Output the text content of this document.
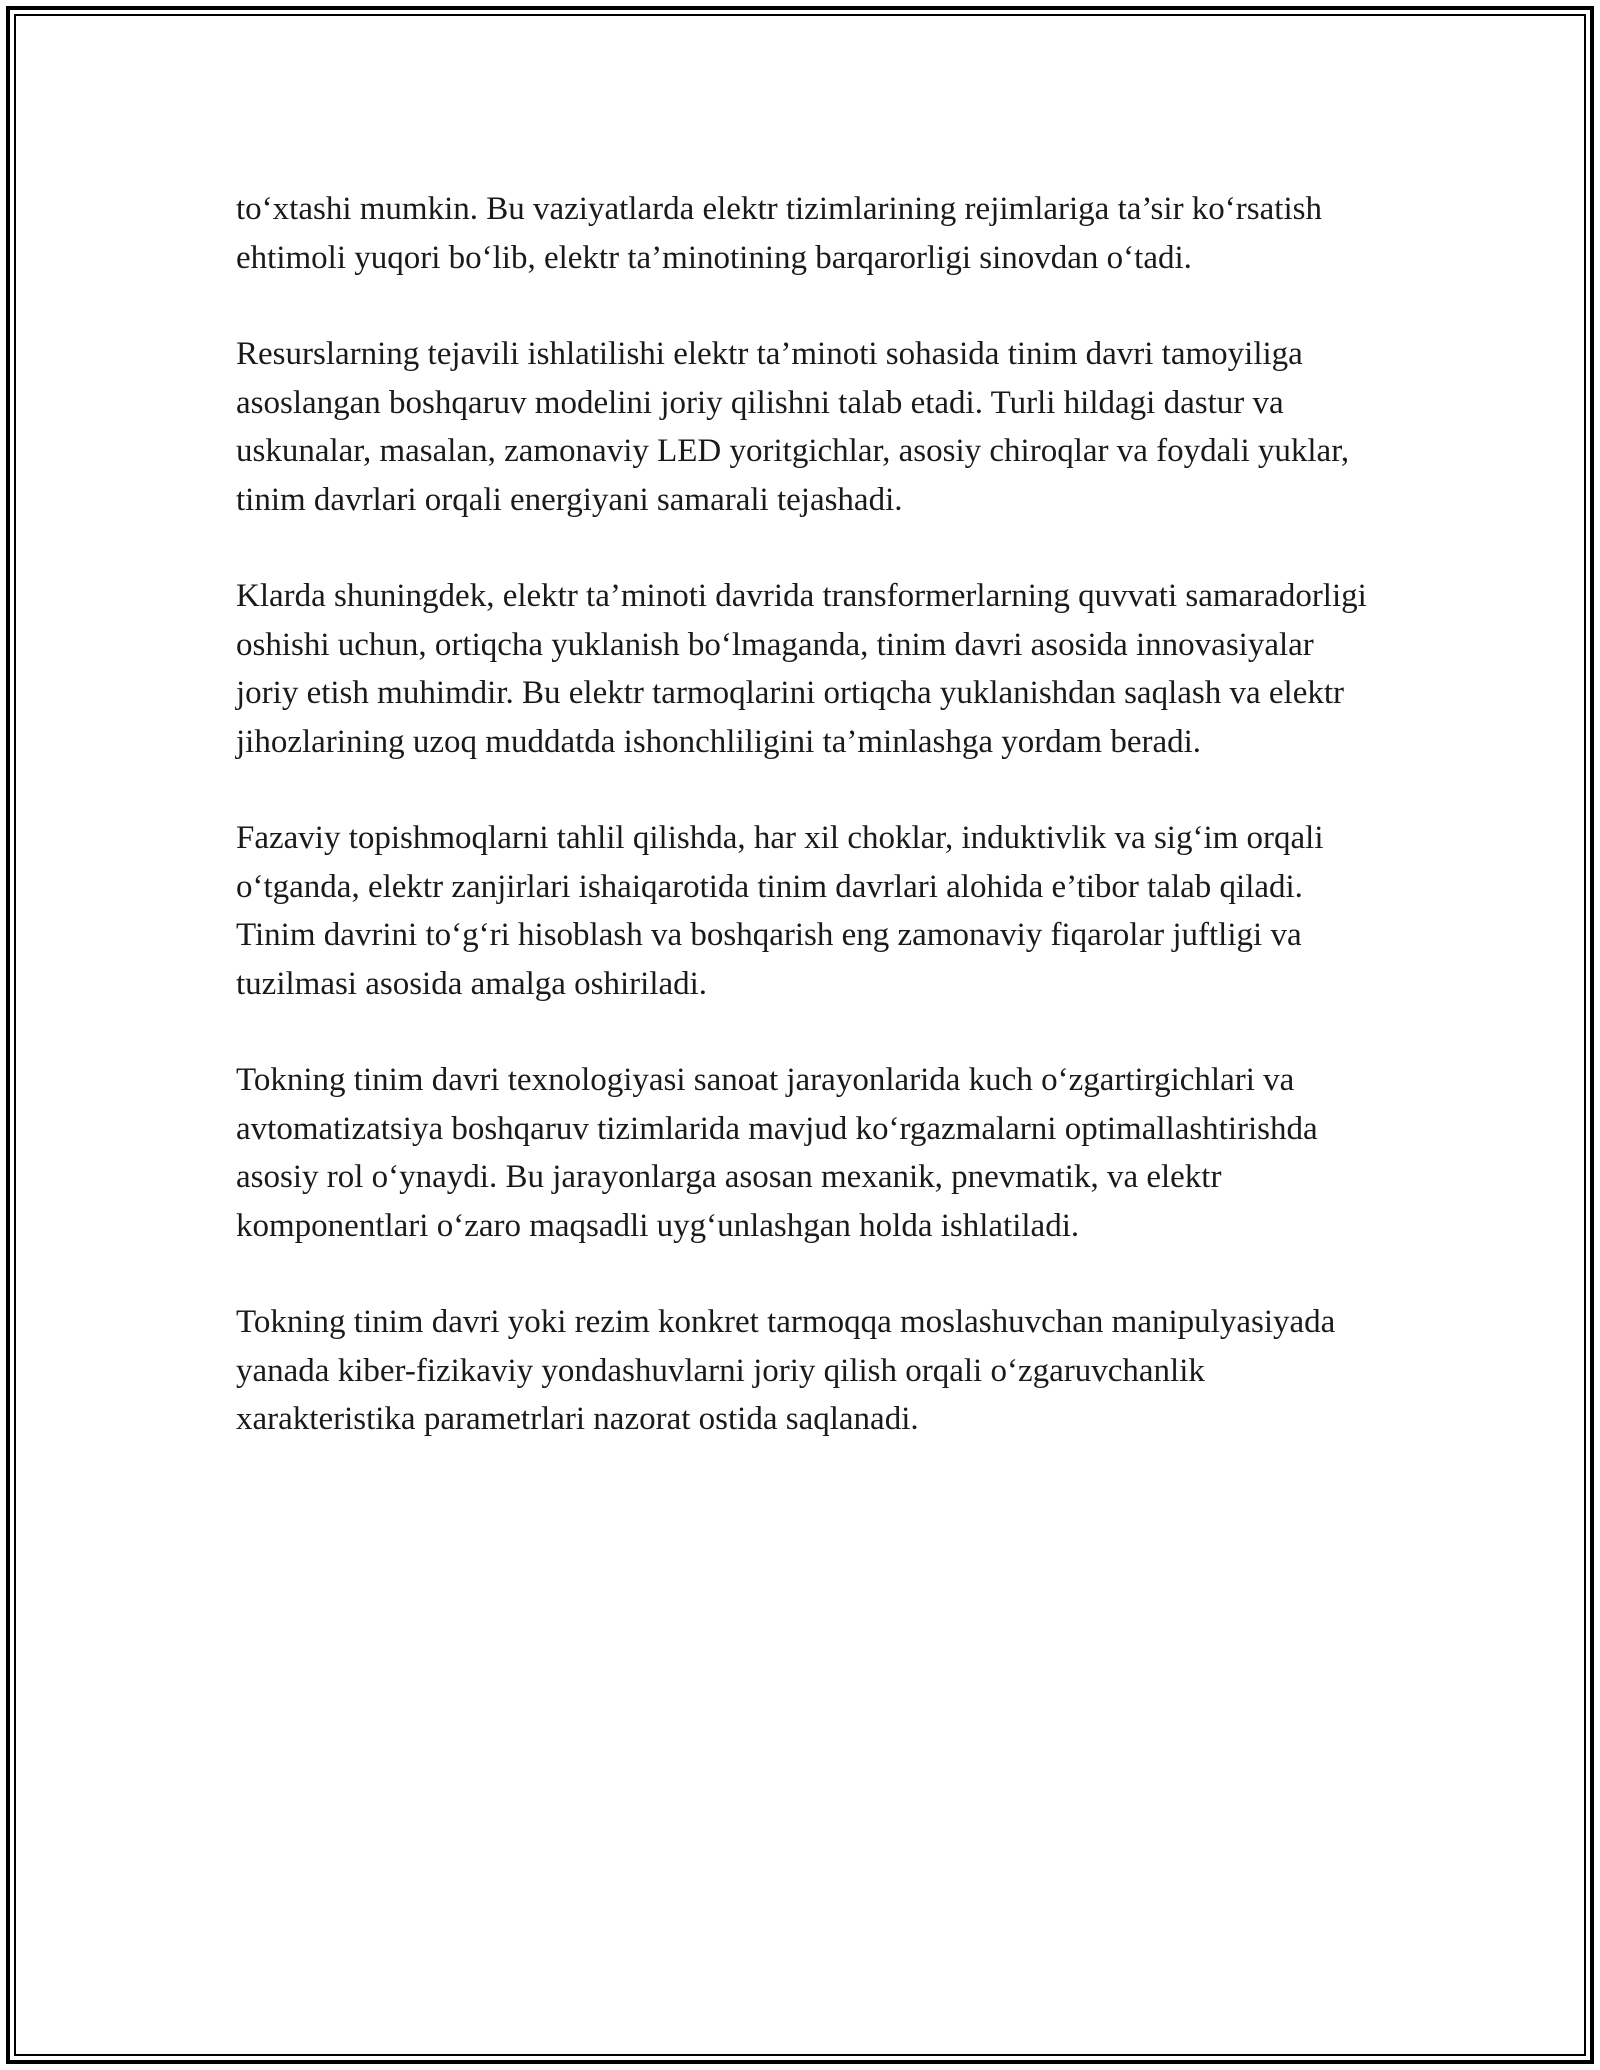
to‘xtashi mumkin. Bu vaziyatlarda elektr tizimlarining rejimlariga ta’sir ko‘rsatish ehtimoli yuqori bo‘lib, elektr ta’minotining barqarorligi sinovdan o‘tadi.

Resurslarning tejavili ishlatilishi elektr ta’minoti sohasida tinim davri tamoyiliga asoslangan boshqaruv modelini joriy qilishni talab etadi. Turli hildagi dastur va uskunalar, masalan, zamonaviy LED yoritgichlar, asosiy chiroqlar va foydali yuklar, tinim davrlari orqali energiyani samarali tejashadi.

Klarda shuningdek, elektr ta’minoti davrida transformerlarning quvvati samaradorligi oshishi uchun, ortiqcha yuklanish bo‘lmaganda, tinim davri asosida innovasiyalar joriy etish muhimdir. Bu elektr tarmoqlarini ortiqcha yuklanishdan saqlash va elektr jihozlarining uzoq muddatda ishonchliligini ta’minlashga yordam beradi.

Fazaviy topishmoqlarni tahlil qilishda, har xil choklar, induktivlik va sig‘im orqali o‘tganda, elektr zanjirlari ishaiqarotida tinim davrlari alohida e’tibor talab qiladi. Tinim davrini to‘g‘ri hisoblash va boshqarish eng zamonaviy fiqarolar juftligi va tuzilmasi asosida amalga oshiriladi.

Tokning tinim davri texnologiyasi sanoat jarayonlarida kuch o‘zgartirgichlari va avtomatizatsiya boshqaruv tizimlarida mavjud ko‘rgazmalarni optimallashtirishda asosiy rol o‘ynaydi. Bu jarayonlarga asosan mexanik, pnevmatik, va elektr komponentlari o‘zaro maqsadli uyg‘unlashgan holda ishlatiladi.

Tokning tinim davri yoki rezim konkret tarmoqqa moslashuvchan manipulyasiyada yanada kiber-fizikaviy yondashuvlarni joriy qilish orqali o‘zgaruvchanlik xarakteristika parametrlari nazorat ostida saqlanadi.
